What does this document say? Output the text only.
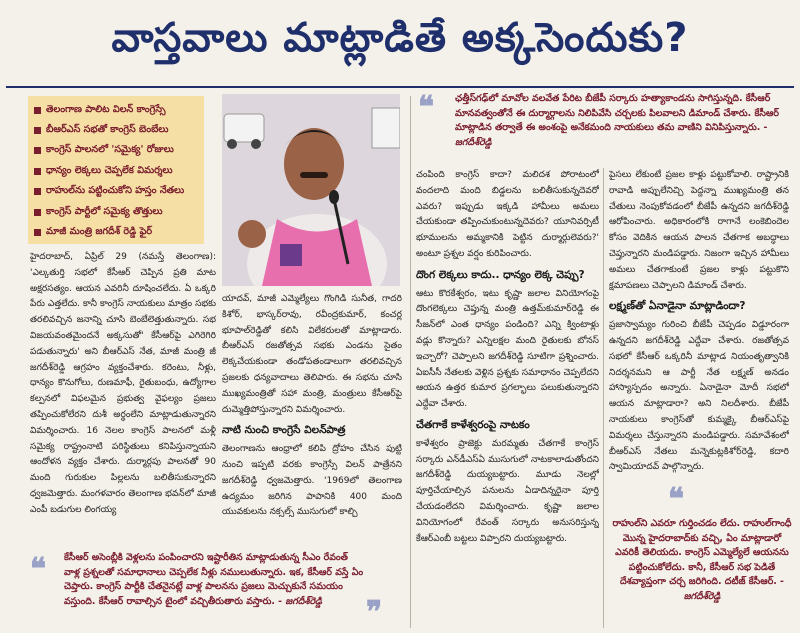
వాస్తవాలు మాట్లాడితే అక్కసెందుకు?
తెలంగాణ పాలిట విలన్ కాంగ్రెస్సే
బీఆర్ఎస్ సభతో కాంగ్రెస్ బెంబేలు
కాంగ్రెస్ పాలనలో 'సమైక్య' రోజులు
ధాన్యం లెక్కలు చెప్పలేక విమర్శలు
రాహుల్‌ను పట్టించుకోని హస్తం నేతలు
కాంగ్రెస్ పార్టీలో సమైక్య తొత్తులు
మాజీ మంత్రి జగదీశ్ రెడ్డి ఫైర్

హైదరాబాద్, ఏప్రిల్ 29 (నమస్తే తెలంగాణ): 'ఎల్కతుర్తి సభలో కేసీఆర్ చెప్పిన ప్రతి మాట అక్షరసత్యం. ఆయన ఎవరినీ దూషించలేదు. ఏ ఒక్కరి పేరు ఎత్తలేదు. కానీ కాంగ్రెస్ నాయకులు మాత్రం సభకు తరలివచ్చిన జనాన్ని చూసి బెంబేలెత్తుతున్నారు. సభ విజయవంతమైందనే అక్కసుతో' కేసీఆర్‌పై ఎగిరెగిరి పడుతున్నారు' అని బీఆర్ఎస్ నేత, మాజీ మంత్రి జీ జగదీశ్‌రెడ్డి ఆగ్రహం వ్యక్తంచేశారు. కరెంటు, నీళ్లు, ధాన్యం కొనుగోలు, రుణమాఫీ, రైతుబంధు, ఉద్యోగాల కల్పనలో విఫలమైన ప్రభుత్వ వైఫల్యం ప్రజలు తప్పించుకోలేరని దుశీ అర్థంలేని మాట్లాడుతున్నారని విమర్శించారు. 16 నెలల కాంగ్రెస్ పాలనలో మళ్లీ సమైక్య రాష్ట్రంనాటి పరిస్థితులు కనిపిస్తున్నాయని ఆందోళన వ్యక్తం చేశారు. దుర్మార్గపు పాలనతో 90 మంది గురుకుల పిల్లలను బలితీసుకున్నారని ధ్వజమెత్తారు. మంగళవారం తెలంగాణ భవన్‌లో మాజీ ఎంపీ బడుగుల లింగయ్య

యాదవ్, మాజీ ఎమ్మెల్యేలు గొంగిడి సునీత, గాదరి కిశోర్, భాస్కర్‌రావు, రవీంద్రకుమార్, కంచర్ల భూపాల్‌రెడ్డితో కలిసి విలేకరులతో మాట్లాడారు. బీఆర్ఎస్ రజతోత్సవ సభకు ఎండను సైతం లెక్కచేయకుండా తండోపతండాలుగా తరలివచ్చిన ప్రజలకు ధన్యవాదాలు తెలిపారు. ఈ సభను చూసి ముఖ్యమంత్రితో సహా మంత్రి, మంత్రులు కేసీఆర్‌పై దుమ్మెత్తిపోస్తున్నారని విమర్శించారు.

నాటి నుంచి కాంగ్రెసే విలన్‌పాత్ర

తెలంగాణను ఆంధ్రాలో కలిపి ద్రోహం చేసిన పుట్టి నుంచి ఇప్పటి వరకు కాంగ్రెస్సే విలన్ పాత్రేనని జగదీశ్‌రెడ్డి ధ్వజమెత్తారు. '1969లో తెలంగాణ ఉద్యమం జరిగిన పాపానికి 400 మంది యువకులను నక్సల్స్ ముసుగులో కాల్చి

❝ ఛత్తీస్‌గఢ్‌లో మావోల వలవేత పేరిట బీజేపీ సర్కారు హత్యాకాండను సాగిస్తున్నది. కేసీఆర్ మానవత్వంతోనే ఈ దుర్మార్గాలను నిలిపివేసి చర్చలకు పిలవాలని డిమాండ్ చేశారు. కేసీఆర్ మాట్లాడిన తర్వాతే ఈ అంశంపై అనేకమంది నాయకులు తమ వాణిని వినిపిస్తున్నారు. - జగదీశ్‌రెడ్డి

చంపింది కాంగ్రెస్ కాదా? మలిదశ పోరాటంలో వందలాది మంది బిడ్డలను బలితీసుకున్నదెవరో ఎవరు? ఇప్పుడు ఇక్కడి హామీలు అమలు చేయకుండా తప్పించుకుంటున్నదెవరు? యూనివర్సిటీ భూములను అమ్మకానికి పెట్టిన దుర్మార్గులెవరు?' అంటూ ప్రశ్నల వర్షం కురిపించారు.

దొంగ లెక్కలు కాదు.. ధాన్యం లెక్క చెప్పు?

ఆటు కొరకేశ్వరం, ఇటు కృష్ణా జలాల వినియోగంపై దొంగలెక్కలు చెప్తున్న మంత్రి ఉత్తమ్‌కుమార్‌రెడ్డి ఈ సీజన్‌లో ఎంత ధాన్యం పండింది? ఎన్ని క్వింటాళ్లు వడ్లు కొన్నారు? ఎన్నిలక్షల మంది రైతులకు బోనస్ ఇచ్చారో? చెప్పాలని జగదీశ్‌రెడ్డి సూటిగా ప్రశ్నించారు. ఏఐసీసీ నేతలకు వెళ్లిన ప్రశ్నకు సమాధానం చెప్పలేదని ఆయన ఉత్తర కుమార ప్రగల్భాలు పలుకుతున్నారని ఎద్దేవా చేశారు.

చేతగాకే కాళేశ్వరంపై నాటకం

కాళేశ్వరం ప్రాజెక్టు మరమ్మతు చేతగాకే కాంగ్రెస్ సర్కారు ఎన్‌డీఎస్‌ఏ ముసుగులో నాటకాలాడుతోందని జగదీశ్‌రెడ్డి దుయ్యబట్టారు. మూడు నెలల్లో పూర్తిచేయాల్సిన పనులను ఏడాదిన్నరైనా పూర్తి చేయడంలేదని విమర్శించారు. కృష్ణా జలాల వినియోగంలో రేవంత్ సర్కారు అనుసరిస్తున్న కేఆర్‌ఎంబీ బట్టలు విప్పారని దుయ్యబట్టారు.

పైసలు లేకుంటే ప్రజల కాళ్లు పట్టుకోవాలి. రాష్ట్రానికి రావాడి అప్పులేనిచ్చి పెద్దన్నా ముఖ్యమంత్రి తన చేతులు నెంపుకోవడంలో బీజేపీ ఉన్నదని జగదీశ్‌రెడ్డి ఆరోపించారు. అధికారంలోకి రాగానే లంకెబిందెల కోసం వెదికిన ఆయన పాలన చేతగాక అబద్ధాలు చెప్తున్నారని మండిపడ్డారు. నిజంగా ఇచ్చిన హామీలు అమలు చేతగాకుంటే ప్రజల కాళ్లు పట్టుకొని క్షమాపణలు చెప్పాలని డిమాండ్ చేశారు.

లక్ష్మణ్‌తో ఏనాడైనా మాట్లాడిందా?

ప్రజాస్వామ్యం గురించి బీజేపీ చెప్పడం విడ్డూరంగా ఉన్నదని జగదీశ్‌రెడ్డి ఎద్దేవా చేశారు. రజతోత్సవ సభలో కేసీఆర్ ఒక్కరినీ మాట్లాడ నియంతృత్వానికి నిదర్శనమని ఆ పార్టీ నేత లక్ష్మణ్ అనడం హాస్యాస్పదం అన్నారు. ఏనాడైనా మోదీ సభలో ఆయన మాట్లాడారా? అని నిలదీశారు. బీజేపీ నాయకులు కాంగ్రెస్‌తో కుమ్మక్కై బీఆర్ఎస్‌పై విమర్శలు చేస్తున్నారని మండిపడ్డారు. సమావేశంలో బీఆర్ఎస్ నేతలు మన్నెకుట్లకిశోర్‌రెడ్డి, కదారి స్వామియాదవ్ పాల్గొన్నారు.

❝
రాహుల్‌ని ఎవరూ గుర్తించడం లేదు. రాహుల్‌గాంధీ మొన్న హైదరాబాద్‌కు వచ్చి, ఏం మాట్లాడారో ఎవరికీ తెలియదు. కాంగ్రెస్ ఎమ్మెల్యేలే ఆయనను పట్టించుకోలేదు. కానీ, కేసీఆర్ సభ పెడితే దేశవ్యాప్తంగా చర్చ జరిగింది. దటీజ్ కేసీఆర్. - జగదీశ్‌రెడ్డి
❝ కేసీఆర్ అసెంబ్లీకి వెళ్లలను పంపించారని ఇష్టారీతిన మాట్లాడుతున్న సీఎం రేవంత్ వాళ్ల ప్రశ్నలతో సమాధానాలు చెప్పలేక నీళ్లు నములుతున్నారు. ఇక, కేసీఆర్ వస్తే ఏం చెప్తారు. కాంగ్రెస్ పార్టీకి చేతనైనట్లే వాళ్ల పాలనను ప్రజలు మెచ్చుకునే సమయం వస్తుంది. కేసీఆర్ రావాల్సిన టైంలో వచ్చితీరుతారు వస్తారు. - జగదీశ్‌రెడ్డి	❞
